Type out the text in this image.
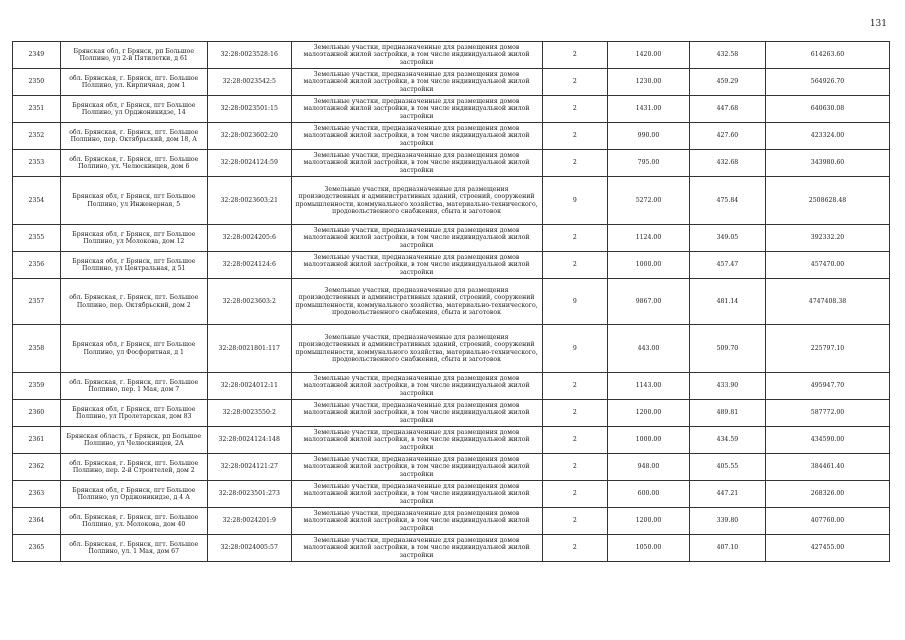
131
2349	Брянская обл, г Брянск, рп Большое Полпино, ул 2-й Пятилетки, д 61	32:28:0023528:16	Земельные участки, предназначенные для размещения домов малоэтажной жилой застройки, в том числе индивидуальной жилой застройки	2	1420.00	432.58	614263.60
2350	обл. Брянская, г. Брянск, пгт. Большое Полпино, ул. Кирпичная, дом 1	32:28:0023542:5	Земельные участки, предназначенные для размещения домов малоэтажной жилой застройки, в том числе индивидуальной жилой застройки	2	1230.00	459.29	564926.70
2351	Брянская обл, г Брянск, пгт Большое Полпино, ул Орджоникидзе, 14	32:28:0023501:15	Земельные участки, предназначенные для размещения домов малоэтажной жилой застройки, в том числе индивидуальной жилой застройки	2	1431.00	447.68	640630.08
2352	обл. Брянская, г. Брянск, пгт. Большое Полпино, пер. Октябрьский, дом 18, А	32:28:0023602:20	Земельные участки, предназначенные для размещения домов малоэтажной жилой застройки, в том числе индивидуальной жилой застройки	2	990.00	427.60	423324.00
2353	обл. Брянская, г. Брянск, пгт. Большое Полпино, ул. Челюскинцев, дом 6	32:28:0024124:59	Земельные участки, предназначенные для размещения домов малоэтажной жилой застройки, в том числе индивидуальной жилой застройки	2	795.00	432.68	343980.60
2354	Брянская обл, г Брянск, пгт Большое Полпино, ул Инженерная, 5	32:28:0023603:21	Земельные участки, предназначенные для размещения производственных и административных зданий, строений, сооружений промышленности, коммунального хозяйства, материально-технического, продовольственного снабжения, сбыта и заготовок	9	5272.00	475.84	2508628.48
2355	Брянская обл, г Брянск, пгт Большое Полпино, ул Молокова, дом 12	32:28:0024205:6	Земельные участки, предназначенные для размещения домов малоэтажной жилой застройки, в том числе индивидуальной жилой застройки	2	1124.00	349.05	392332.20
2356	Брянская обл, г Брянск, пгт Большое Полпино, ул Центральная, д 51	32:28:0024124:6	Земельные участки, предназначенные для размещения домов малоэтажной жилой застройки, в том числе индивидуальной жилой застройки	2	1000.00	457.47	457470.00
2357	обл. Брянская, г. Брянск, пгт. Большое Полпино, пер. Октябрьский, дом 2	32:28:0023603:2	Земельные участки, предназначенные для размещения производственных и административных зданий, строений, сооружений промышленности, коммунального хозяйства, материально-технического, продовольственного снабжения, сбыта и заготовок	9	9867.00	481.14	4747408.38
2358	Брянская обл, г Брянск, пгт Большое Полпино, ул Фосфоритная, д 1	32:28:0021801:117	Земельные участки, предназначенные для размещения производственных и административных зданий, строений, сооружений промышленности, коммунального хозяйства, материально-технического, продовольственного снабжения, сбыта и заготовок	9	443.00	509.70	225797.10
2359	обл. Брянская, г. Брянск, пгт. Большое Полпино, пер. 1 Мая, дом 7	32:28:0024012:11	Земельные участки, предназначенные для размещения домов малоэтажной жилой застройки, в том числе индивидуальной жилой застройки	2	1143.00	433.90	495947.70
2360	Брянская обл, г Брянск, пгт Большое Полпино, ул Пролетарская, дом 83	32:28:0023550:2	Земельные участки, предназначенные для размещения домов малоэтажной жилой застройки, в том числе индивидуальной жилой застройки	2	1200.00	489.81	587772.00
2361	Брянская область, г Брянск, рп Большое Полпино, ул Челюскинцев, 2А	32:28:0024124:148	Земельные участки, предназначенные для размещения домов малоэтажной жилой застройки, в том числе индивидуальной жилой застройки	2	1000.00	434.59	434590.00
2362	обл. Брянская, г. Брянск, пгт. Большое Полпино, пер. 2-й Строителей, дом 2	32:28:0024121:27	Земельные участки, предназначенные для размещения домов малоэтажной жилой застройки, в том числе индивидуальной жилой застройки	2	948.00	405.55	384461.40
2363	Брянская обл, г Брянск, пгт Большое Полпино, ул Орджоникидзе, д 4 А	32:28:0023501:273	Земельные участки, предназначенные для размещения домов малоэтажной жилой застройки, в том числе индивидуальной жилой застройки	2	600.00	447.21	268326.00
2364	обл. Брянская, г. Брянск, пгт. Большое Полпино, ул. Молокова, дом 40	32:28:0024201:9	Земельные участки, предназначенные для размещения домов малоэтажной жилой застройки, в том числе индивидуальной жилой застройки	2	1200.00	339.80	407760.00
2365	обл. Брянская, г. Брянск, пгт. Большое Полпино, ул. 1 Мая, дом 67	32:28:0024005:57	Земельные участки, предназначенные для размещения домов малоэтажной жилой застройки, в том числе индивидуальной жилой застройки	2	1050.00	407.10	427455.00
